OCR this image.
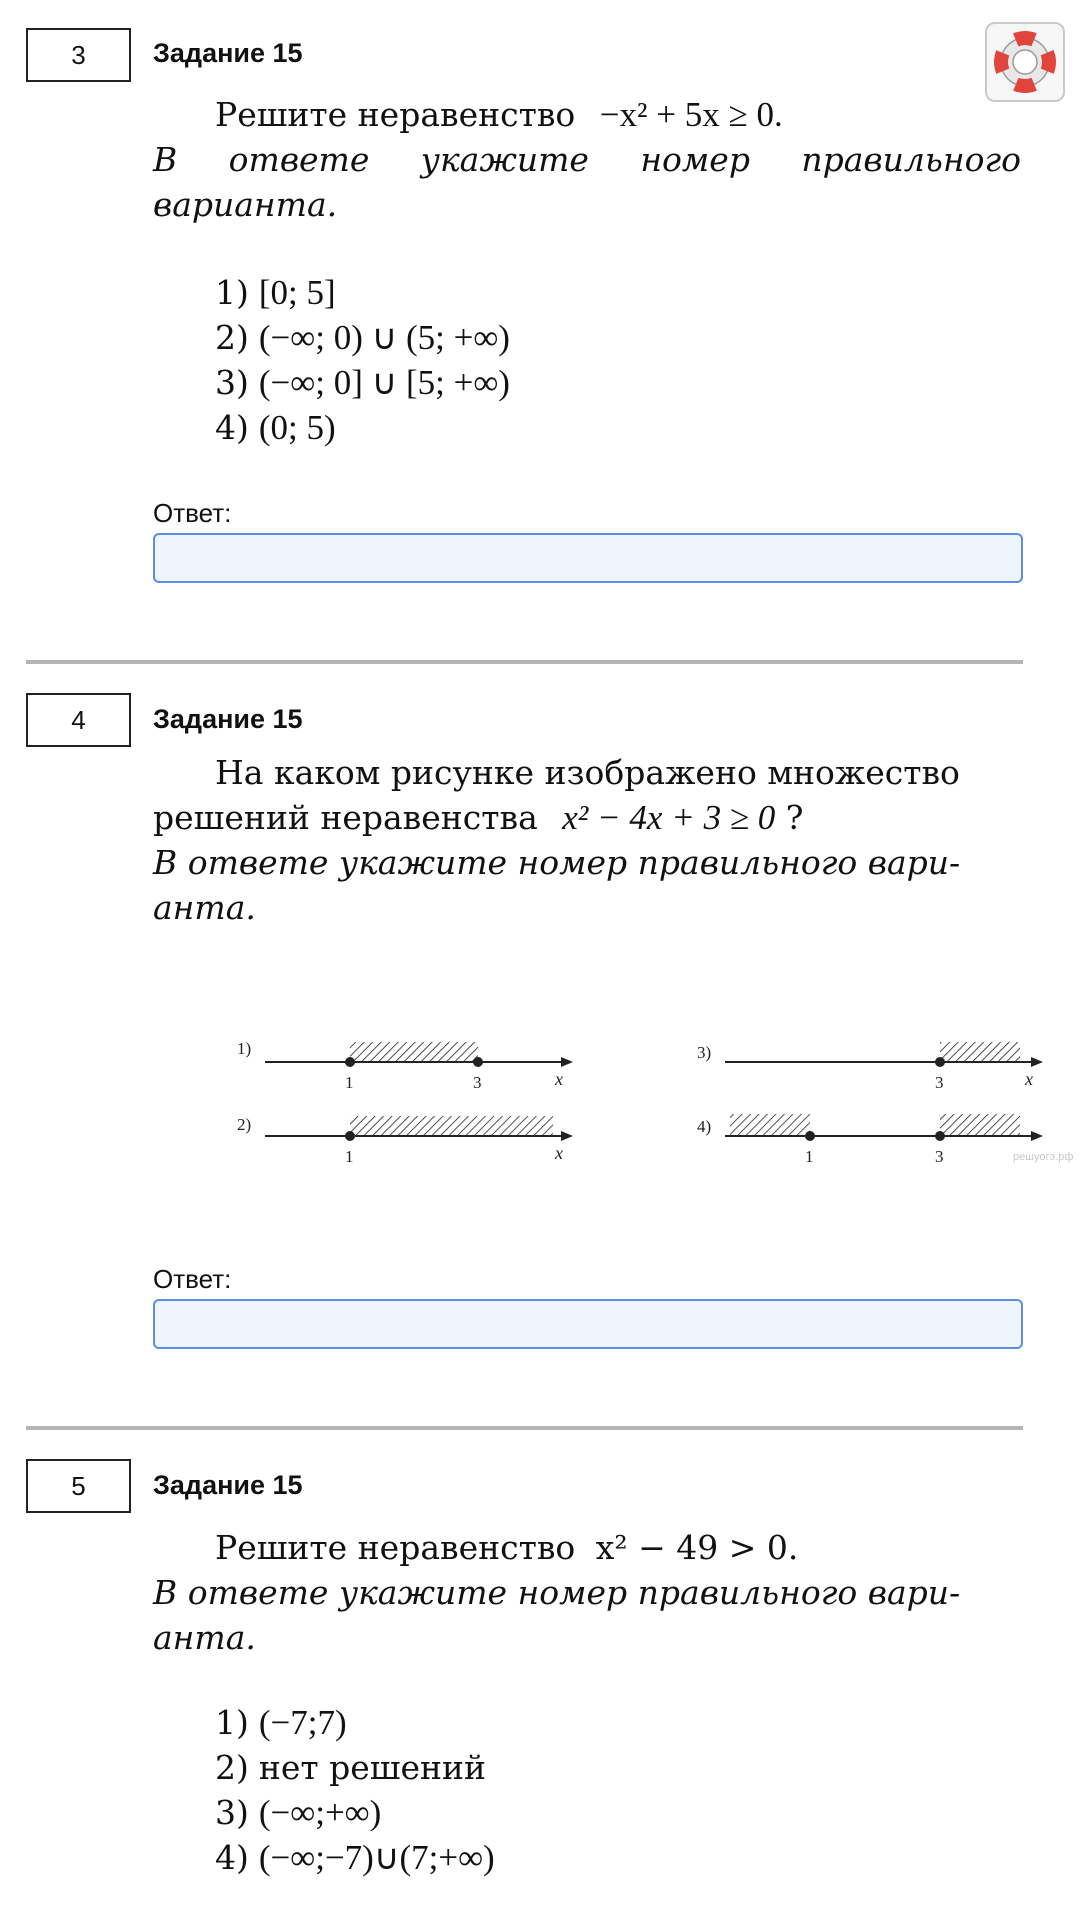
3	Задание 15
Решите неравенство −x² + 5x ≥ 0.
В ответе укажите номер правильного варианта.
1) [0; 5]
2) (−∞; 0) ∪ (5; +∞)
3) (−∞; 0] ∪ [5; +∞)
4) (0; 5)
Ответ:
4	Задание 15
На каком рисунке изображено множество
решений неравенства x² − 4x + 3 ≥ 0 ?
В ответе укажите номер правильного вари-
анта.
1)
1	3	x
2)
1	x
3)
3	x
4)
1	3	решуогэ.рф
Ответ:
5	Задание 15
Решите неравенство x² − 49 > 0.
В ответе укажите номер правильного вари-
анта.
1) (−7;7)
2) нет решений
3) (−∞;+∞)
4) (−∞;−7)∪(7;+∞)
